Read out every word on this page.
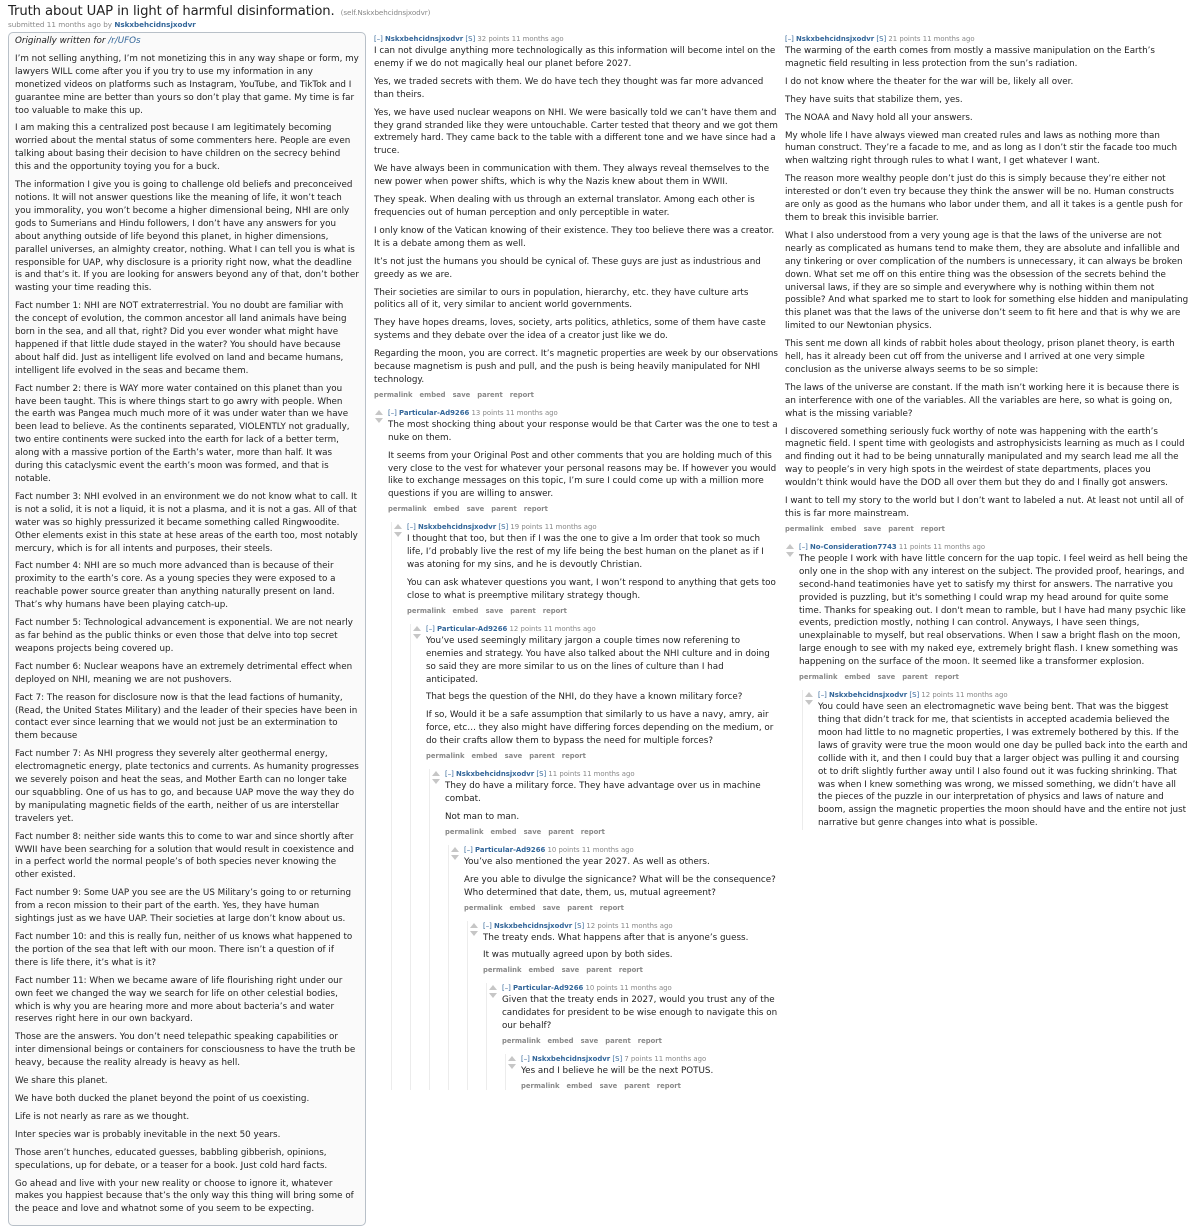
Truth about UAP in light of harmful disinformation. (self.Nskxbehcidnsjxodvr)
submitted 11 months ago by Nskxbehcidnsjxodvr

Originally written for /r/UFOs

I’m not selling anything, I’m not monetizing this in any way shape or form, my lawyers WILL come after you if you try to use my information in any monetized videos on platforms such as Instagram, YouTube, and TikTok and I guarantee mine are better than yours so don’t play that game. My time is far too valuable to make this up.

I am making this a centralized post because I am legitimately becoming worried about the mental status of some commenters here. People are even talking about basing their decision to have children on the secrecy behind this and the opportunity toying you for a buck.

The information I give you is going to challenge old beliefs and preconceived notions. It will not answer questions like the meaning of life, it won’t teach you immorality, you won’t become a higher dimensional being, NHI are only gods to Sumerians and Hindu followers, I don’t have any answers for you about anything outside of life beyond this planet, in higher dimensions, parallel universes, an almighty creator, nothing. What I can tell you is what is responsible for UAP, why disclosure is a priority right now, what the deadline is and that’s it. If you are looking for answers beyond any of that, don’t bother wasting your time reading this.

Fact number 1: NHI are NOT extraterrestrial. You no doubt are familiar with the concept of evolution, the common ancestor all land animals have being born in the sea, and all that, right? Did you ever wonder what might have happened if that little dude stayed in the water? You should have because about half did. Just as intelligent life evolved on land and became humans, intelligent life evolved in the seas and became them.

Fact number 2: there is WAY more water contained on this planet than you have been taught. This is where things start to go awry with people. When the earth was Pangea much much more of it was under water than we have been lead to believe. As the continents separated, VIOLENTLY not gradually, two entire continents were sucked into the earth for lack of a better term, along with a massive portion of the Earth’s water, more than half. It was during this cataclysmic event the earth’s moon was formed, and that is notable.

Fact number 3: NHI evolved in an environment we do not know what to call. It is not a solid, it is not a liquid, it is not a plasma, and it is not a gas. All of that water was so highly pressurized it became something called Ringwoodite. Other elements exist in this state at hese areas of the earth too, most notably mercury, which is for all intents and purposes, their steels.

Fact number 4: NHI are so much more advanced than is because of their proximity to the earth’s core. As a young species they were exposed to a reachable power source greater than anything naturally present on land. That’s why humans have been playing catch-up.

Fact number 5: Technological advancement is exponential. We are not nearly as far behind as the public thinks or even those that delve into top secret weapons projects being covered up.

Fact number 6: Nuclear weapons have an extremely detrimental effect when deployed on NHI, meaning we are not pushovers.

Fact 7: The reason for disclosure now is that the lead factions of humanity, (Read, the United States Military) and the leader of their species have been in contact ever since learning that we would not just be an extermination to them because

Fact number 7: As NHI progress they severely alter geothermal energy, electromagnetic energy, plate tectonics and currents. As humanity progresses we severely poison and heat the seas, and Mother Earth can no longer take our squabbling. One of us has to go, and because UAP move the way they do by manipulating magnetic fields of the earth, neither of us are interstellar travelers yet.

Fact number 8: neither side wants this to come to war and since shortly after WWII have been searching for a solution that would result in coexistence and in a perfect world the normal people’s of both species never knowing the other existed.

Fact number 9: Some UAP you see are the US Military’s going to or returning from a recon mission to their part of the earth. Yes, they have human sightings just as we have UAP. Their societies at large don’t know about us.

Fact number 10: and this is really fun, neither of us knows what happened to the portion of the sea that left with our moon. There isn’t a question of if there is life there, it’s what is it?

Fact number 11: When we became aware of life flourishing right under our own feet we changed the way we search for life on other celestial bodies, which is why you are hearing more and more about bacteria’s and water reserves right here in our own backyard.

Those are the answers. You don’t need telepathic speaking capabilities or inter dimensional beings or containers for consciousness to have the truth be heavy, because the reality already is heavy as hell.

We share this planet.

We have both ducked the planet beyond the point of us coexisting.

Life is not nearly as rare as we thought.

Inter species war is probably inevitable in the next 50 years.

Those aren’t hunches, educated guesses, babbling gibberish, opinions, speculations, up for debate, or a teaser for a book. Just cold hard facts.

Go ahead and live with your new reality or choose to ignore it, whatever makes you happiest because that’s the only way this thing will bring some of the peace and love and whatnot some of you seem to be expecting.

[–] Nskxbehcidnsjxodvr [S] 32 points 11 months ago

I can not divulge anything more technologically as this information will become intel on the enemy if we do not magically heal our planet before 2027.

Yes, we traded secrets with them. We do have tech they thought was far more advanced than theirs.

Yes, we have used nuclear weapons on NHI. We were basically told we can’t have them and they grand stranded like they were untouchable. Carter tested that theory and we got them extremely hard. They came back to the table with a different tone and we have since had a truce.

We have always been in communication with them. They always reveal themselves to the new power when power shifts, which is why the Nazis knew about them in WWII.

They speak. When dealing with us through an external translator. Among each other is frequencies out of human perception and only perceptible in water.

I only know of the Vatican knowing of their existence. They too believe there was a creator. It is a debate among them as well.

It’s not just the humans you should be cynical of. These guys are just as industrious and greedy as we are.

Their societies are similar to ours in population, hierarchy, etc. they have culture arts politics all of it, very similar to ancient world governments.

They have hopes dreams, loves, society, arts politics, athletics, some of them have caste systems and they debate over the idea of a creator just like we do.

Regarding the moon, you are correct. It’s magnetic properties are week by our observations because magnetism is push and pull, and the push is being heavily manipulated for NHI technology.

permalink embed save parent report
[–] Particular-Ad9266 13 points 11 months ago

The most shocking thing about your response would be that Carter was the one to test a nuke on them.

It seems from your Original Post and other comments that you are holding much of this very close to the vest for whatever your personal reasons may be. If however you would like to exchange messages on this topic, I’m sure I could come up with a million more questions if you are willing to answer.

permalink embed save parent report
[–] Nskxbehcidnsjxodvr [S] 19 points 11 months ago

I thought that too, but then if I was the one to give a lm order that took so much life, I’d probably live the rest of my life being the best human on the planet as if I was atoning for my sins, and he is devoutly Christian.

You can ask whatever questions you want, I won’t respond to anything that gets too close to what is preemptive military strategy though.

permalink embed save parent report
[–] Particular-Ad9266 12 points 11 months ago

You’ve used seemingly military jargon a couple times now referening to enemies and strategy. You have also talked about the NHI culture and in doing so said they are more similar to us on the lines of culture than I had anticipated.

That begs the question of the NHI, do they have a known military force?

If so, Would it be a safe assumption that similarly to us have a navy, amry, air force, etc… they also might have differing forces depending on the medium, or do their crafts allow them to bypass the need for multiple forces?

permalink embed save parent report
[–] Nskxbehcidnsjxodvr [S] 11 points 11 months ago

They do have a military force. They have advantage over us in machine combat.

Not man to man.

permalink embed save parent report
[–] Particular-Ad9266 10 points 11 months ago

You’ve also mentioned the year 2027. As well as others.

Are you able to divulge the signicance? What will be the consequence? Who determined that date, them, us, mutual agreement?

permalink embed save parent report
[–] Nskxbehcidnsjxodvr [S] 12 points 11 months ago

The treaty ends. What happens after that is anyone’s guess.

It was mutually agreed upon by both sides.

permalink embed save parent report
[–] Particular-Ad9266 10 points 11 months ago

Given that the treaty ends in 2027, would you trust any of the candidates for president to be wise enough to navigate this on our behalf?

permalink embed save parent report
[–] Nskxbehcidnsjxodvr [S] 7 points 11 months ago

Yes and I believe he will be the next POTUS.

permalink embed save parent report
[–] Nskxbehcidnsjxodvr [S] 21 points 11 months ago

The warming of the earth comes from mostly a massive manipulation on the Earth’s magnetic field resulting in less protection from the sun’s radiation.

I do not know where the theater for the war will be, likely all over.

They have suits that stabilize them, yes.

The NOAA and Navy hold all your answers.

My whole life I have always viewed man created rules and laws as nothing more than human construct. They’re a facade to me, and as long as I don’t stir the facade too much when waltzing right through rules to what I want, I get whatever I want.

The reason more wealthy people don’t just do this is simply because they’re either not interested or don’t even try because they think the answer will be no. Human constructs are only as good as the humans who labor under them, and all it takes is a gentle push for them to break this invisible barrier.

What I also understood from a very young age is that the laws of the universe are not nearly as complicated as humans tend to make them, they are absolute and infallible and any tinkering or over complication of the numbers is unnecessary, it can always be broken down. What set me off on this entire thing was the obsession of the secrets behind the universal laws, if they are so simple and everywhere why is nothing within them not possible? And what sparked me to start to look for something else hidden and manipulating this planet was that the laws of the universe don’t seem to fit here and that is why we are limited to our Newtonian physics.

This sent me down all kinds of rabbit holes about theology, prison planet theory, is earth hell, has it already been cut off from the universe and I arrived at one very simple conclusion as the universe always seems to be so simple:

The laws of the universe are constant. If the math isn’t working here it is because there is an interference with one of the variables. All the variables are here, so what is going on, what is the missing variable?

I discovered something seriously fuck worthy of note was happening with the earth’s magnetic field. I spent time with geologists and astrophysicists learning as much as I could and finding out it had to be being unnaturally manipulated and my search lead me all the way to people’s in very high spots in the weirdest of state departments, places you wouldn’t think would have the DOD all over them but they do and I finally got answers.

I want to tell my story to the world but I don’t want to labeled a nut. At least not until all of this is far more mainstream.

permalink embed save parent report
[–] No-Consideration7743 11 points 11 months ago

The people I work with have little concern for the uap topic. I feel weird as hell being the only one in the shop with any interest on the subject. The provided proof, hearings, and second-hand teatimonies have yet to satisfy my thirst for answers. The narrative you provided is puzzling, but it's something I could wrap my head around for quite some time. Thanks for speaking out. I don't mean to ramble, but I have had many psychic like events, prediction mostly, nothing I can control. Anyways, I have seen things, unexplainable to myself, but real observations. When I saw a bright flash on the moon, large enough to see with my naked eye, extremely bright flash. I knew something was happening on the surface of the moon. It seemed like a transformer explosion.

permalink embed save parent report
[–] Nskxbehcidnsjxodvr [S] 12 points 11 months ago

You could have seen an electromagnetic wave being bent. That was the biggest thing that didn’t track for me, that scientists in accepted academia believed the moon had little to no magnetic properties, I was extremely bothered by this. If the laws of gravity were true the moon would one day be pulled back into the earth and collide with it, and then I could buy that a larger object was pulling it and coursing ot to drift slightly further away until I also found out it was fucking shrinking. That was when I knew something was wrong, we missed something, we didn’t have all the pieces of the puzzle in our interpretation of physics and laws of nature and boom, assign the magnetic properties the moon should have and the entire not just narrative but genre changes into what is possible.
